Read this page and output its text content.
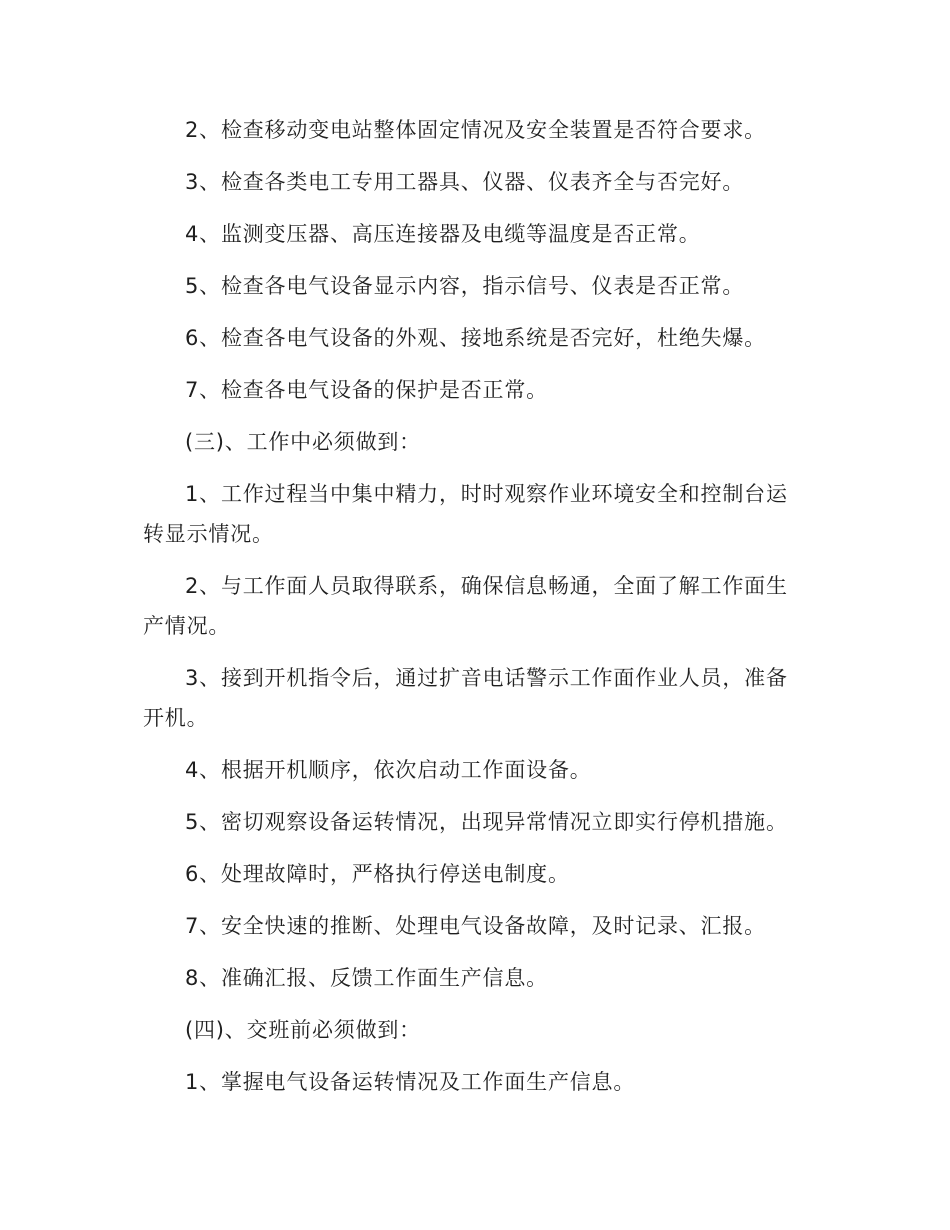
2、检查移动变电站整体固定情况及安全装置是否符合要求。

3、检查各类电工专用工器具、仪器、仪表齐全与否完好。

4、监测变压器、高压连接器及电缆等温度是否正常。

5、检查各电气设备显示内容，指示信号、仪表是否正常。

6、检查各电气设备的外观、接地系统是否完好，杜绝失爆。

7、检查各电气设备的保护是否正常。

(三)、工作中必须做到：

1、工作过程当中集中精力，时时观察作业环境安全和控制台运转显示情况。

2、与工作面人员取得联系，确保信息畅通，全面了解工作面生产情况。

3、接到开机指令后，通过扩音电话警示工作面作业人员，准备开机。

4、根据开机顺序，依次启动工作面设备。

5、密切观察设备运转情况，出现异常情况立即实行停机措施。

6、处理故障时，严格执行停送电制度。

7、安全快速的推断、处理电气设备故障，及时记录、汇报。

8、准确汇报、反馈工作面生产信息。

(四)、交班前必须做到：

1、掌握电气设备运转情况及工作面生产信息。
